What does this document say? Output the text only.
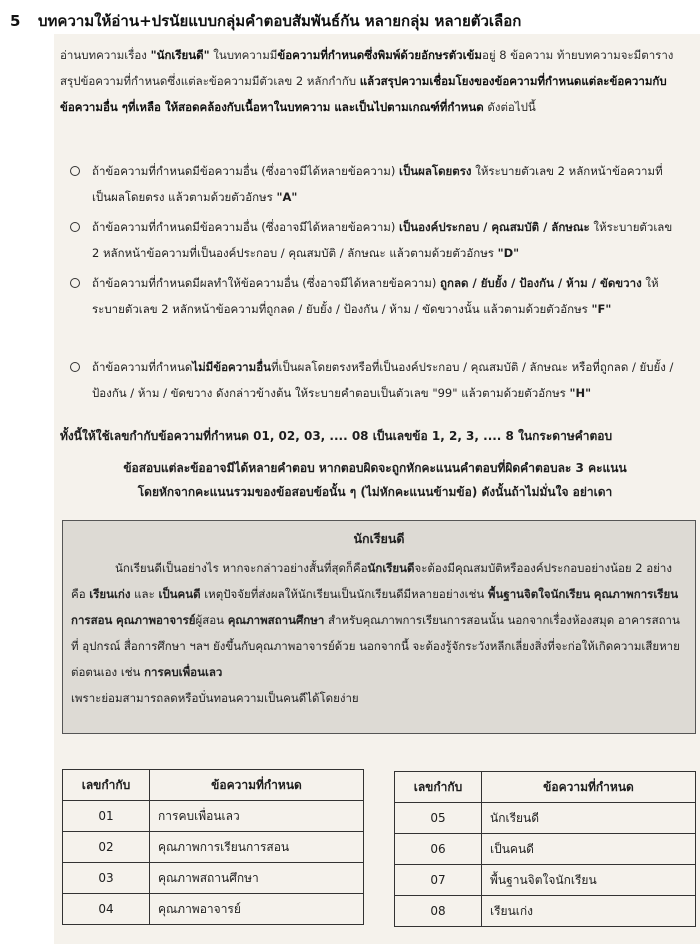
5 บทความให้อ่าน+ปรนัยแบบกลุ่มคำตอบสัมพันธ์กัน หลายกลุ่ม หลายตัวเลือก
อ่านบทความเรื่อง "นักเรียนดี" ในบทความมีข้อความที่กำหนดซึ่งพิมพ์ด้วยอักษรตัวเข้มอยู่ 8 ข้อความ ท้ายบทความจะมีตารางสรุปข้อความที่กำหนดซึ่งแต่ละข้อความมีตัวเลข 2 หลักกำกับ แล้วสรุปความเชื่อมโยงของข้อความที่กำหนดแต่ละข้อความกับข้อความอื่น ๆที่เหลือ ให้สอดคล้องกับเนื้อหาในบทความ และเป็นไปตามเกณฑ์ที่กำหนด ดังต่อไปนี้
ถ้าข้อความที่กำหนดมีข้อความอื่น (ซึ่งอาจมีได้หลายข้อความ) เป็นผลโดยตรง ให้ระบายตัวเลข 2 หลักหน้าข้อความที่เป็นผลโดยตรง แล้วตามด้วยตัวอักษร "A"
ถ้าข้อความที่กำหนดมีข้อความอื่น (ซึ่งอาจมีได้หลายข้อความ) เป็นองค์ประกอบ / คุณสมบัติ / ลักษณะ ให้ระบายตัวเลข 2 หลักหน้าข้อความที่เป็นองค์ประกอบ / คุณสมบัติ / ลักษณะ แล้วตามด้วยตัวอักษร "D"
ถ้าข้อความที่กำหนดมีผลทำให้ข้อความอื่น (ซึ่งอาจมีได้หลายข้อความ) ถูกลด / ยับยั้ง / ป้องกัน / ห้าม / ขัดขวาง ให้ระบายตัวเลข 2 หลักหน้าข้อความที่ถูกลด / ยับยั้ง / ป้องกัน / ห้าม / ขัดขวางนั้น แล้วตามด้วยตัวอักษร "F"
ถ้าข้อความที่กำหนดไม่มีข้อความอื่นที่เป็นผลโดยตรงหรือที่เป็นองค์ประกอบ / คุณสมบัติ / ลักษณะ หรือที่ถูกลด / ยับยั้ง / ป้องกัน / ห้าม / ขัดขวาง ดังกล่าวข้างต้น ให้ระบายคำตอบเป็นตัวเลข "99" แล้วตามด้วยตัวอักษร "H"
ทั้งนี้ให้ใช้เลขกำกับข้อความที่กำหนด 01, 02, 03, .... 08 เป็นเลขข้อ 1, 2, 3, .... 8 ในกระดาษคำตอบ
ข้อสอบแต่ละข้ออาจมีได้หลายคำตอบ หากตอบผิดจะถูกหักคะแนนคำตอบที่ผิดคำตอบละ 3 คะแนน
โดยหักจากคะแนนรวมของข้อสอบข้อนั้น ๆ (ไม่หักคะแนนข้ามข้อ) ดังนั้นถ้าไม่มั่นใจ อย่าเดา
นักเรียนดี
นักเรียนดีเป็นอย่างไร หากจะกล่าวอย่างสั้นที่สุดก็คือนักเรียนดีจะต้องมีคุณสมบัติหรือองค์ประกอบอย่างน้อย 2 อย่าง คือ เรียนเก่ง และ เป็นคนดี เหตุปัจจัยที่ส่งผลให้นักเรียนเป็นนักเรียนดีมีหลายอย่างเช่น พื้นฐานจิตใจนักเรียน คุณภาพการเรียนการสอน คุณภาพอาจารย์ผู้สอน คุณภาพสถานศึกษา สำหรับคุณภาพการเรียนการสอนนั้น นอกจากเรื่องห้องสมุด อาคารสถานที่ อุปกรณ์ สื่อการศึกษา ฯลฯ ยังขึ้นกับคุณภาพอาจารย์ด้วย นอกจากนี้ จะต้องรู้จักระวังหลีกเลี่ยงสิ่งที่จะก่อให้เกิดความเสียหายต่อตนเอง เช่น การคบเพื่อนเลว
เพราะย่อมสามารถลดหรือบั่นทอนความเป็นคนดีได้โดยง่าย
เลขกำกับ	ข้อความที่กำหนด
01	การคบเพื่อนเลว
02	คุณภาพการเรียนการสอน
03	คุณภาพสถานศึกษา
04	คุณภาพอาจารย์
เลขกำกับ	ข้อความที่กำหนด
05	นักเรียนดี
06	เป็นคนดี
07	พื้นฐานจิตใจนักเรียน
08	เรียนเก่ง
